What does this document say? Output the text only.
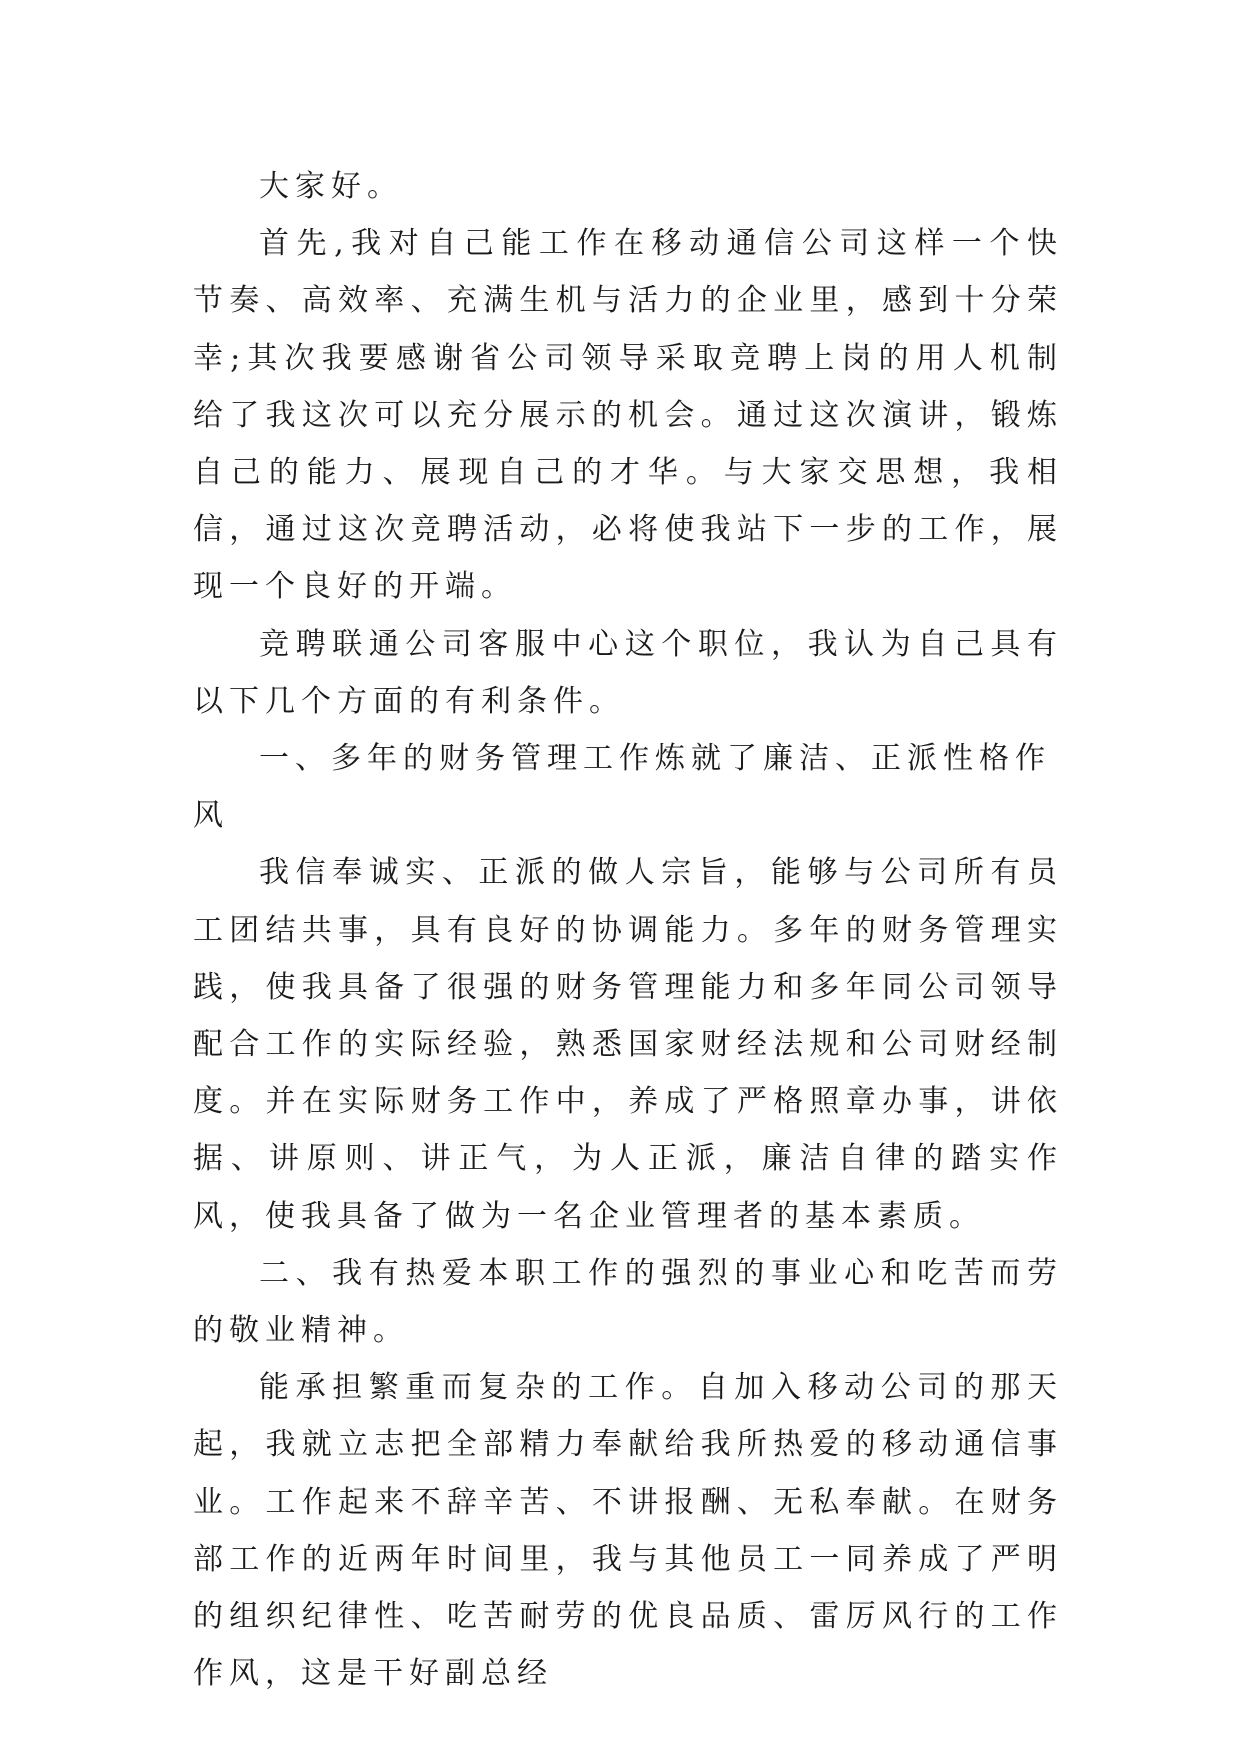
大家好。

首先,我对自己能工作在移动通信公司这样一个快节奏、高效率、充满生机与活力的企业里，感到十分荣幸;其次我要感谢省公司领导采取竞聘上岗的用人机制给了我这次可以充分展示的机会。通过这次演讲，锻炼自己的能力、展现自己的才华。与大家交思想，我相信，通过这次竞聘活动，必将使我站下一步的工作，展现一个良好的开端。

竞聘联通公司客服中心这个职位，我认为自己具有以下几个方面的有利条件。

一、多年的财务管理工作炼就了廉洁、正派性格作风

我信奉诚实、正派的做人宗旨，能够与公司所有员工团结共事，具有良好的协调能力。多年的财务管理实践，使我具备了很强的财务管理能力和多年同公司领导配合工作的实际经验，熟悉国家财经法规和公司财经制度。并在实际财务工作中，养成了严格照章办事，讲依据、讲原则、讲正气，为人正派，廉洁自律的踏实作风，使我具备了做为一名企业管理者的基本素质。

二、我有热爱本职工作的强烈的事业心和吃苦而劳的敬业精神。

能承担繁重而复杂的工作。自加入移动公司的那天起，我就立志把全部精力奉献给我所热爱的移动通信事业。工作起来不辞辛苦、不讲报酬、无私奉献。在财务部工作的近两年时间里，我与其他员工一同养成了严明的组织纪律性、吃苦耐劳的优良品质、雷厉风行的工作作风，这是干好副总经
